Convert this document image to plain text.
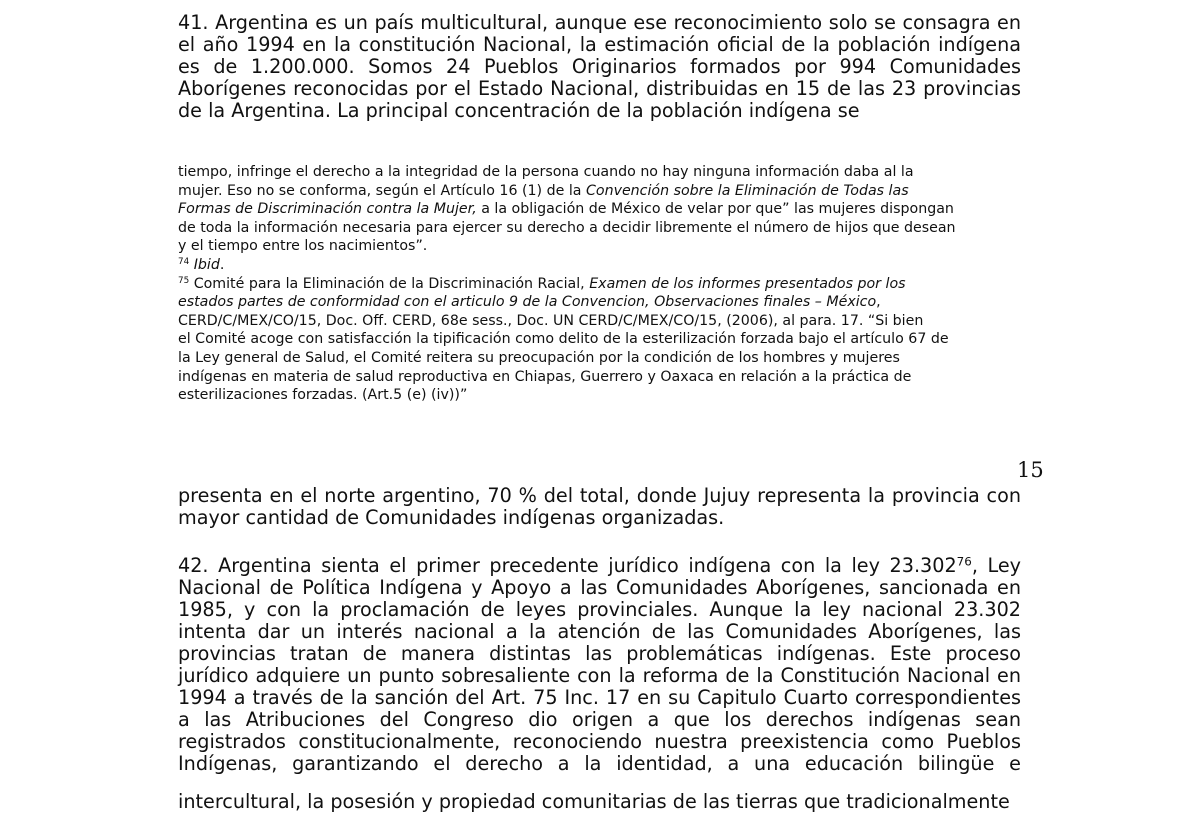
41. Argentina es un país multicultural, aunque ese reconocimiento solo se consagra en
el año 1994 en la constitución Nacional, la estimación oficial de la población indígena
es de 1.200.000. Somos 24 Pueblos Originarios formados por 994 Comunidades
Aborígenes reconocidas por el Estado Nacional, distribuidas en 15 de las 23 provincias
de la Argentina. La principal concentración de la población indígena se
tiempo, infringe el derecho a la integridad de la persona cuando no hay ninguna información daba al la
mujer. Eso no se conforma, según el Artículo 16 (1) de la Convención sobre la Eliminación de Todas las
Formas de Discriminación contra la Mujer, a la obligación de México de velar por que” las mujeres dispongan
de toda la información necesaria para ejercer su derecho a decidir libremente el número de hijos que desean
y el tiempo entre los nacimientos”.
$^{74}$ Ibid.
$^{75}$ Comité para la Eliminación de la Discriminación Racial, Examen de los informes presentados por los
estados partes de conformidad con el articulo 9 de la Convencion, Observaciones finales – México,
CERD/C/MEX/CO/15, Doc. Off. CERD, 68e sess., Doc. UN CERD/C/MEX/CO/15, (2006), al para. 17. “Si bien
el Comité acoge con satisfacción la tipificación como delito de la esterilización forzada bajo el artículo 67 de
la Ley general de Salud, el Comité reitera su preocupación por la condición de los hombres y mujeres
indígenas en materia de salud reproductiva en Chiapas, Guerrero y Oaxaca en relación a la práctica de
esterilizaciones forzadas. (Art.5 (e) (iv))”
15
presenta en el norte argentino, 70 % del total, donde Jujuy representa la provincia con
mayor cantidad de Comunidades indígenas organizadas.
42. Argentina sienta el primer precedente jurídico indígena con la ley 23.302$^{76}$, Ley
Nacional de Política Indígena y Apoyo a las Comunidades Aborígenes, sancionada en
1985, y con la proclamación de leyes provinciales. Aunque la ley nacional 23.302
intenta dar un interés nacional a la atención de las Comunidades Aborígenes, las
provincias tratan de manera distintas las problemáticas indígenas. Este proceso
jurídico adquiere un punto sobresaliente con la reforma de la Constitución Nacional en
1994 a través de la sanción del Art. 75 Inc. 17 en su Capitulo Cuarto correspondientes
a las Atribuciones del Congreso dio origen a que los derechos indígenas sean
registrados constitucionalmente, reconociendo nuestra preexistencia como Pueblos
Indígenas, garantizando el derecho a la identidad, a una educación bilingüe e
intercultural, la posesión y propiedad comunitarias de las tierras que tradicionalmente
